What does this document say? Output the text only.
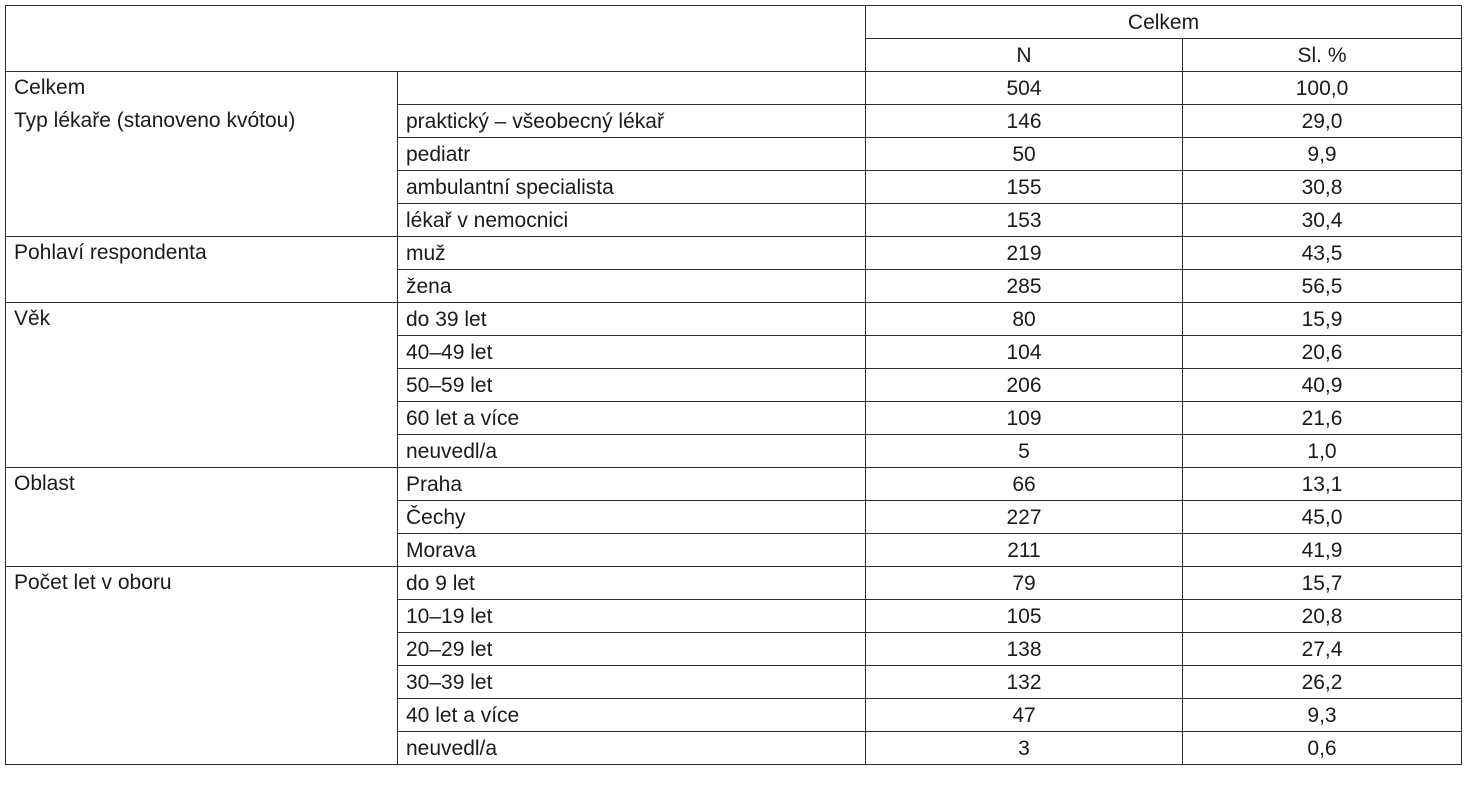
		Celkem	
		N	Sl. %
Celkem		504	100,0
Typ lékaře (stanoveno kvótou)	praktický – všeobecný lékař	146	29,0
	pediatr	50	9,9
	ambulantní specialista	155	30,8
	lékař v nemocnici	153	30,4
Pohlaví respondenta	muž	219	43,5
	žena	285	56,5
Věk	do 39 let	80	15,9
	40–49 let	104	20,6
	50–59 let	206	40,9
	60 let a více	109	21,6
	neuvedl/a	5	1,0
Oblast	Praha	66	13,1
	Čechy	227	45,0
	Morava	211	41,9
Počet let v oboru	do 9 let	79	15,7
	10–19 let	105	20,8
	20–29 let	138	27,4
	30–39 let	132	26,2
	40 let a více	47	9,3
	neuvedl/a	3	0,6
